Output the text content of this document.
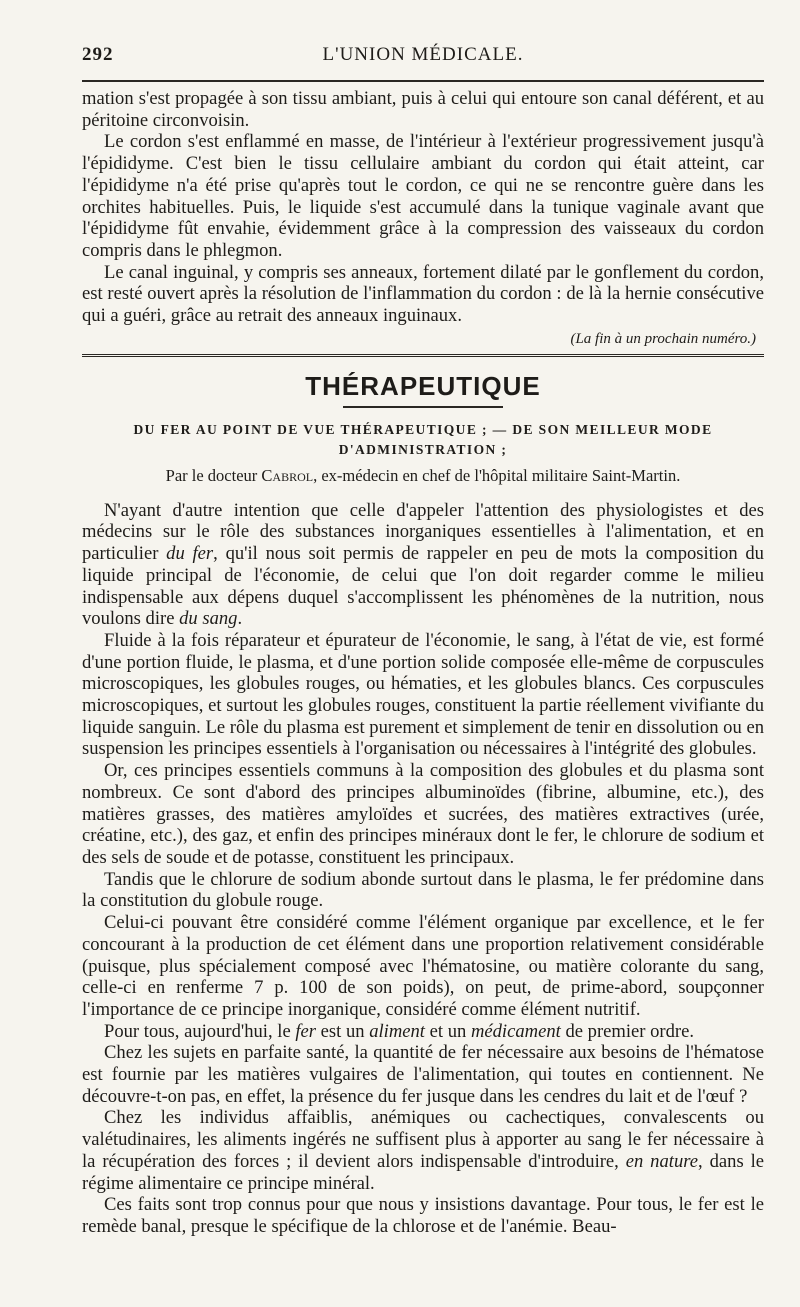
292	L'UNION MÉDICALE.

mation s'est propagée à son tissu ambiant, puis à celui qui entoure son canal déférent, et au péritoine circonvoisin.

Le cordon s'est enflammé en masse, de l'intérieur à l'extérieur progressivement jusqu'à l'épididyme. C'est bien le tissu cellulaire ambiant du cordon qui était atteint, car l'épididyme n'a été prise qu'après tout le cordon, ce qui ne se rencontre guère dans les orchites habituelles. Puis, le liquide s'est accumulé dans la tunique vaginale avant que l'épididyme fût envahie, évidemment grâce à la compression des vaisseaux du cordon compris dans le phlegmon.

Le canal inguinal, y compris ses anneaux, fortement dilaté par le gonflement du cordon, est resté ouvert après la résolution de l'inflammation du cordon : de là la hernie consécutive qui a guéri, grâce au retrait des anneaux inguinaux.

(La fin à un prochain numéro.)
THÉRAPEUTIQUE
DU FER AU POINT DE VUE THÉRAPEUTIQUE ; — DE SON MEILLEUR MODE
D'ADMINISTRATION ;
Par le docteur Cabrol, ex-médecin en chef de l'hôpital militaire Saint-Martin.

N'ayant d'autre intention que celle d'appeler l'attention des physiologistes et des médecins sur le rôle des substances inorganiques essentielles à l'alimentation, et en particulier du fer, qu'il nous soit permis de rappeler en peu de mots la composition du liquide principal de l'économie, de celui que l'on doit regarder comme le milieu indispensable aux dépens duquel s'accomplissent les phénomènes de la nutrition, nous voulons dire du sang.

Fluide à la fois réparateur et épurateur de l'économie, le sang, à l'état de vie, est formé d'une portion fluide, le plasma, et d'une portion solide composée elle-même de corpuscules microscopiques, les globules rouges, ou hématies, et les globules blancs. Ces corpuscules microscopiques, et surtout les globules rouges, constituent la partie réellement vivifiante du liquide sanguin. Le rôle du plasma est purement et simplement de tenir en dissolution ou en suspension les principes essentiels à l'organisation ou nécessaires à l'intégrité des globules.

Or, ces principes essentiels communs à la composition des globules et du plasma sont nombreux. Ce sont d'abord des principes albuminoïdes (fibrine, albumine, etc.), des matières grasses, des matières amyloïdes et sucrées, des matières extractives (urée, créatine, etc.), des gaz, et enfin des principes minéraux dont le fer, le chlorure de sodium et des sels de soude et de potasse, constituent les principaux.

Tandis que le chlorure de sodium abonde surtout dans le plasma, le fer prédomine dans la constitution du globule rouge.

Celui-ci pouvant être considéré comme l'élément organique par excellence, et le fer concourant à la production de cet élément dans une proportion relativement considérable (puisque, plus spécialement composé avec l'hématosine, ou matière colorante du sang, celle-ci en renferme 7 p. 100 de son poids), on peut, de prime-abord, soupçonner l'importance de ce principe inorganique, considéré comme élément nutritif.

Pour tous, aujourd'hui, le fer est un aliment et un médicament de premier ordre.

Chez les sujets en parfaite santé, la quantité de fer nécessaire aux besoins de l'hématose est fournie par les matières vulgaires de l'alimentation, qui toutes en contiennent. Ne découvre-t-on pas, en effet, la présence du fer jusque dans les cendres du lait et de l'œuf ?

Chez les individus affaiblis, anémiques ou cachectiques, convalescents ou valétudinaires, les aliments ingérés ne suffisent plus à apporter au sang le fer nécessaire à la récupération des forces ; il devient alors indispensable d'introduire, en nature, dans le régime alimentaire ce principe minéral.

Ces faits sont trop connus pour que nous y insistions davantage. Pour tous, le fer est le remède banal, presque le spécifique de la chlorose et de l'anémie. Beau-
